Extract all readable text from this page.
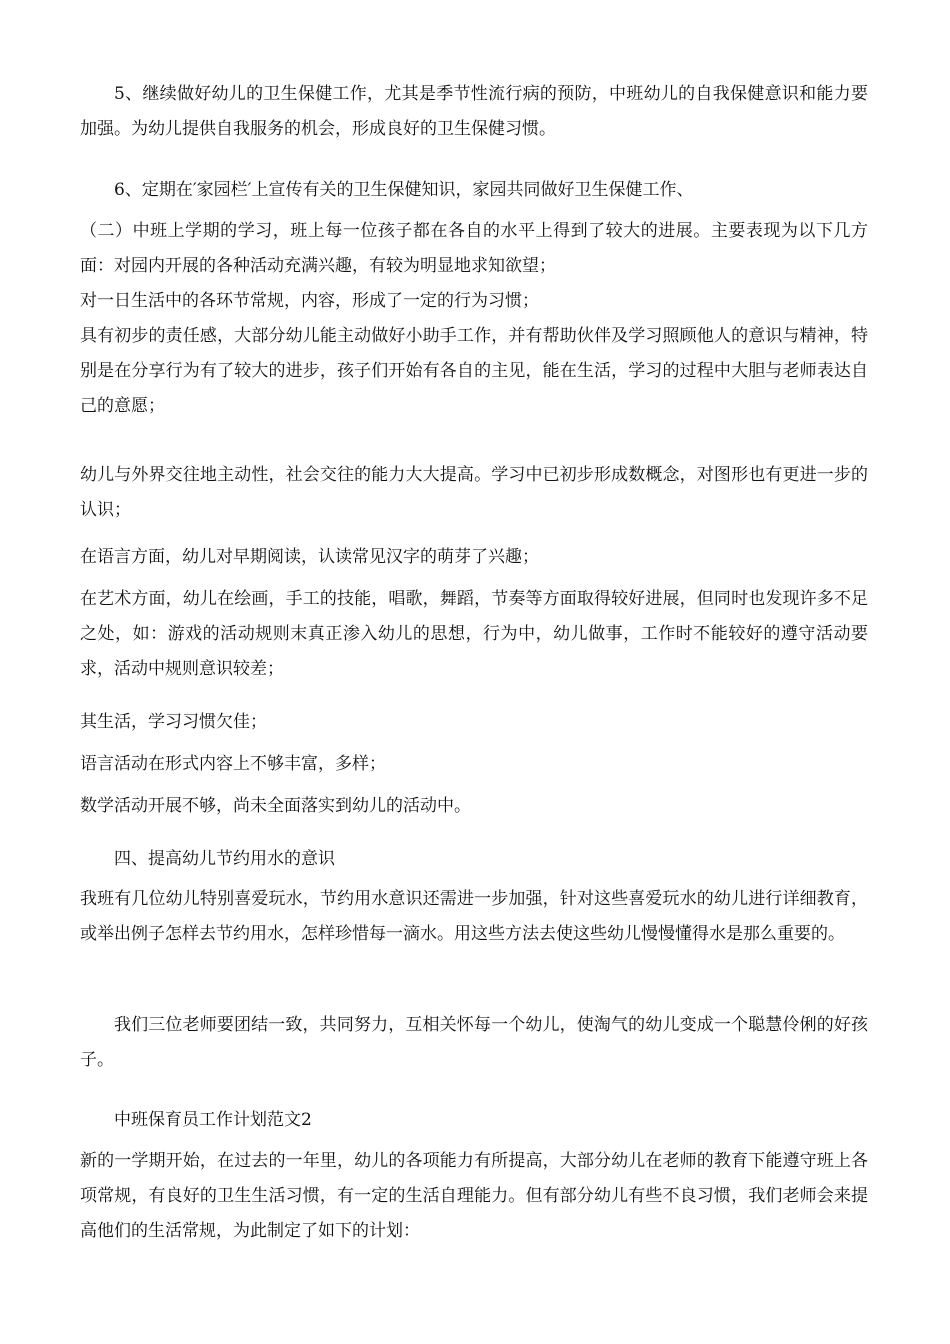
5、继续做好幼儿的卫生保健工作，尤其是季节性流行病的预防，中班幼儿的自我保健意识和能力要加强。为幼儿提供自我服务的机会，形成良好的卫生保健习惯。

6、定期在′家园栏′上宣传有关的卫生保健知识，家园共同做好卫生保健工作、

（二）中班上学期的学习，班上每一位孩子都在各自的水平上得到了较大的进展。主要表现为以下几方面：对园内开展的各种活动充满兴趣，有较为明显地求知欲望；

对一日生活中的各环节常规，内容，形成了一定的行为习惯；

具有初步的责任感，大部分幼儿能主动做好小助手工作，并有帮助伙伴及学习照顾他人的意识与精神，特别是在分享行为有了较大的进步，孩子们开始有各自的主见，能在生活，学习的过程中大胆与老师表达自己的意愿；

幼儿与外界交往地主动性，社会交往的能力大大提高。学习中已初步形成数概念，对图形也有更进一步的认识；

在语言方面，幼儿对早期阅读，认读常见汉字的萌芽了兴趣；

在艺术方面，幼儿在绘画，手工的技能，唱歌，舞蹈，节奏等方面取得较好进展，但同时也发现许多不足之处，如：游戏的活动规则末真正渗入幼儿的思想，行为中，幼儿做事，工作时不能较好的遵守活动要求，活动中规则意识较差；

其生活，学习习惯欠佳；

语言活动在形式内容上不够丰富，多样；

数学活动开展不够，尚未全面落实到幼儿的活动中。

四、提高幼儿节约用水的意识

我班有几位幼儿特别喜爱玩水，节约用水意识还需进一步加强，针对这些喜爱玩水的幼儿进行详细教育，或举出例子怎样去节约用水，怎样珍惜每一滴水。用这些方法去使这些幼儿慢慢懂得水是那么重要的。

我们三位老师要团结一致，共同努力，互相关怀每一个幼儿，使淘气的幼儿变成一个聪慧伶俐的好孩子。

中班保育员工作计划范文2

新的一学期开始，在过去的一年里，幼儿的各项能力有所提高，大部分幼儿在老师的教育下能遵守班上各项常规，有良好的卫生生活习惯，有一定的生活自理能力。但有部分幼儿有些不良习惯，我们老师会来提高他们的生活常规，为此制定了如下的计划：
